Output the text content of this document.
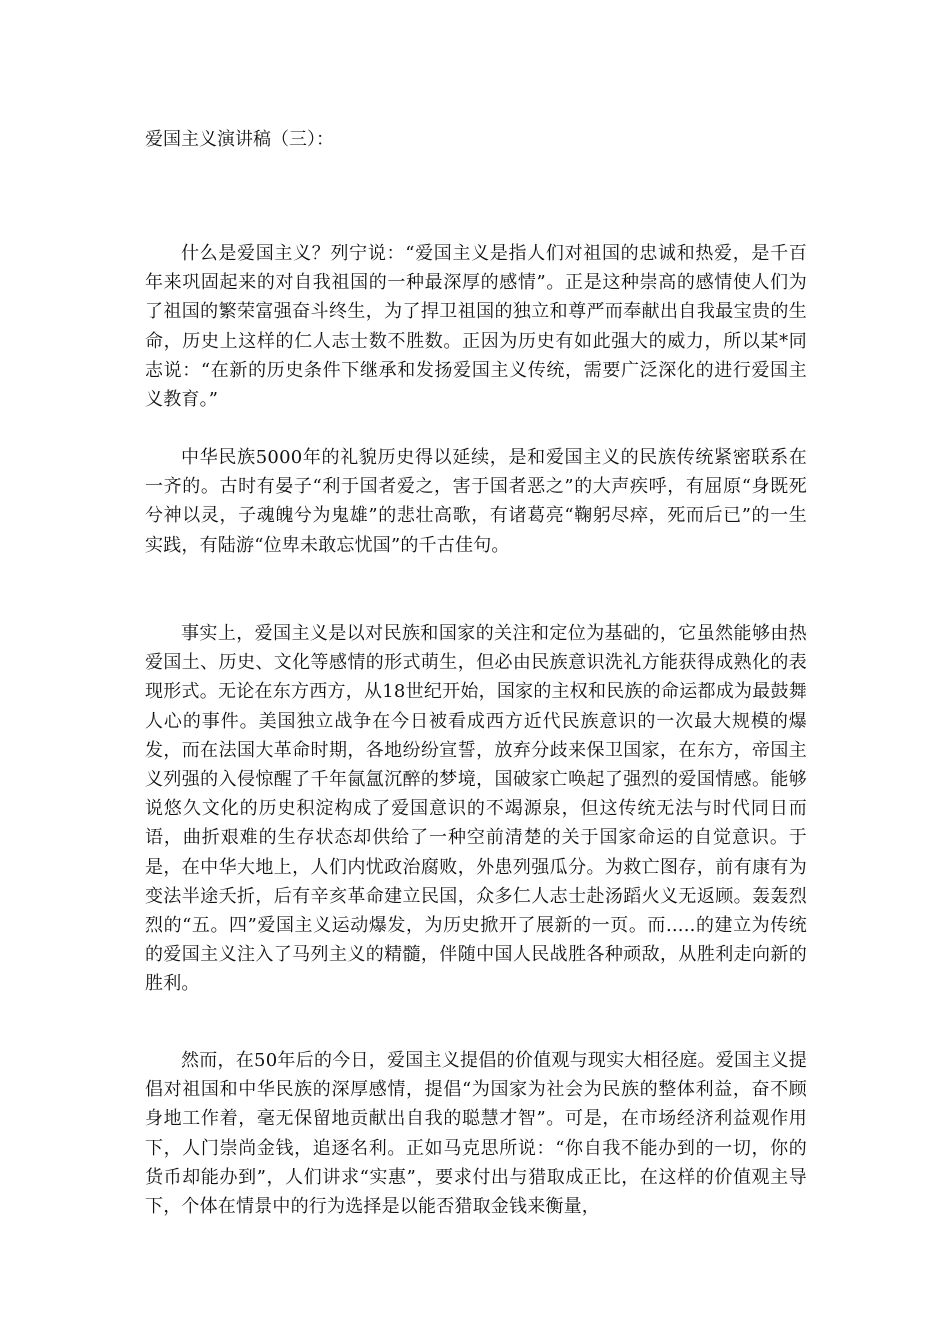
爱国主义演讲稿（三）：

什么是爱国主义？列宁说：“爱国主义是指人们对祖国的忠诚和热爱，是千百年来巩固起来的对自我祖国的一种最深厚的感情”。正是这种崇高的感情使人们为了祖国的繁荣富强奋斗终生，为了捍卫祖国的独立和尊严而奉献出自我最宝贵的生命，历史上这样的仁人志士数不胜数。正因为历史有如此强大的威力，所以某*同志说：“在新的历史条件下继承和发扬爱国主义传统，需要广泛深化的进行爱国主义教育。”

中华民族5000年的礼貌历史得以延续，是和爱国主义的民族传统紧密联系在一齐的。古时有晏子“利于国者爱之，害于国者恶之”的大声疾呼，有屈原“身既死兮神以灵，子魂魄兮为鬼雄”的悲壮高歌，有诸葛亮“鞠躬尽瘁，死而后已”的一生实践，有陆游“位卑未敢忘忧国”的千古佳句。

事实上，爱国主义是以对民族和国家的关注和定位为基础的，它虽然能够由热爱国土、历史、文化等感情的形式萌生，但必由民族意识洗礼方能获得成熟化的表现形式。无论在东方西方，从18世纪开始，国家的主权和民族的命运都成为最鼓舞人心的事件。美国独立战争在今日被看成西方近代民族意识的一次最大规模的爆发，而在法国大革命时期，各地纷纷宣誓，放弃分歧来保卫国家，在东方，帝国主义列强的入侵惊醒了千年氤氲沉醉的梦境，国破家亡唤起了强烈的爱国情感。能够说悠久文化的历史积淀构成了爱国意识的不竭源泉，但这传统无法与时代同日而语，曲折艰难的生存状态却供给了一种空前清楚的关于国家命运的自觉意识。于是，在中华大地上，人们内忧政治腐败，外患列强瓜分。为救亡图存，前有康有为变法半途夭折，后有辛亥革命建立民国，众多仁人志士赴汤蹈火义无返顾。轰轰烈烈的“五。四”爱国主义运动爆发，为历史掀开了展新的一页。而.....的建立为传统的爱国主义注入了马列主义的精髓，伴随中国人民战胜各种顽敌，从胜利走向新的胜利。

然而，在50年后的今日，爱国主义提倡的价值观与现实大相径庭。爱国主义提倡对祖国和中华民族的深厚感情，提倡“为国家为社会为民族的整体利益，奋不顾身地工作着，毫无保留地贡献出自我的聪慧才智”。可是，在市场经济利益观作用下，人门崇尚金钱，追逐名利。正如马克思所说：“你自我不能办到的一切，你的货币却能办到”，人们讲求“实惠”，要求付出与猎取成正比，在这样的价值观主导下，个体在情景中的行为选择是以能否猎取金钱来衡量，
